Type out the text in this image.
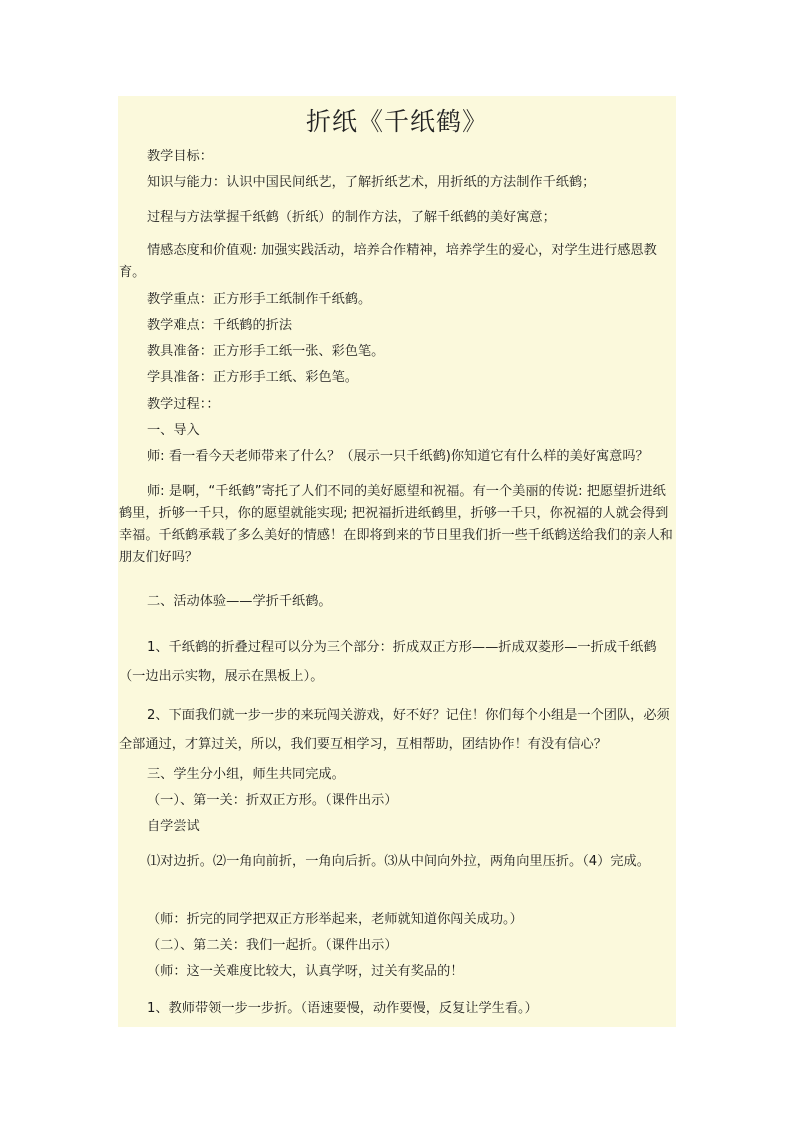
折纸《千纸鹤》
教学目标：
知识与能力：认识中国民间纸艺，了解折纸艺术，用折纸的方法制作千纸鹤；
过程与方法掌握千纸鹤（折纸）的制作方法，了解千纸鹤的美好寓意；
情感态度和价值观: 加强实践活动，培养合作精神，培养学生的爱心，对学生进行感恩教育。
教学重点：正方形手工纸制作千纸鹤。
教学难点：千纸鹤的折法
教具准备：正方形手工纸一张、彩色笔。
学具准备：正方形手工纸、彩色笔。
教学过程：：
一、导入
师: 看一看今天老师带来了什么？（展示一只千纸鹤)你知道它有什么样的美好寓意吗？
师: 是啊，“千纸鹤”寄托了人们不同的美好愿望和祝福。有一个美丽的传说: 把愿望折进纸鹤里，折够一千只，你的愿望就能实现; 把祝福折进纸鹤里，折够一千只，你祝福的人就会得到幸福。千纸鹤承载了多么美好的情感！在即将到来的节日里我们折一些千纸鹤送给我们的亲人和朋友们好吗？
二、活动体验——学折千纸鹤。
1、千纸鹤的折叠过程可以分为三个部分：折成双正方形——折成双菱形—一折成千纸鹤（一边出示实物，展示在黑板上）。
2、下面我们就一步一步的来玩闯关游戏，好不好？记住！你们每个小组是一个团队，必须全部通过，才算过关，所以，我们要互相学习，互相帮助，团结协作！有没有信心？
三、学生分小组，师生共同完成。
（一）、第一关：折双正方形。（课件出示）
自学尝试
⑴对边折。⑵一角向前折，一角向后折。⑶从中间向外拉，两角向里压折。（4）完成。
（师：折完的同学把双正方形举起来，老师就知道你闯关成功。）
（二）、第二关：我们一起折。（课件出示）
（师：这一关难度比较大，认真学呀，过关有奖品的！
1、教师带领一步一步折。（语速要慢，动作要慢，反复让学生看。）
